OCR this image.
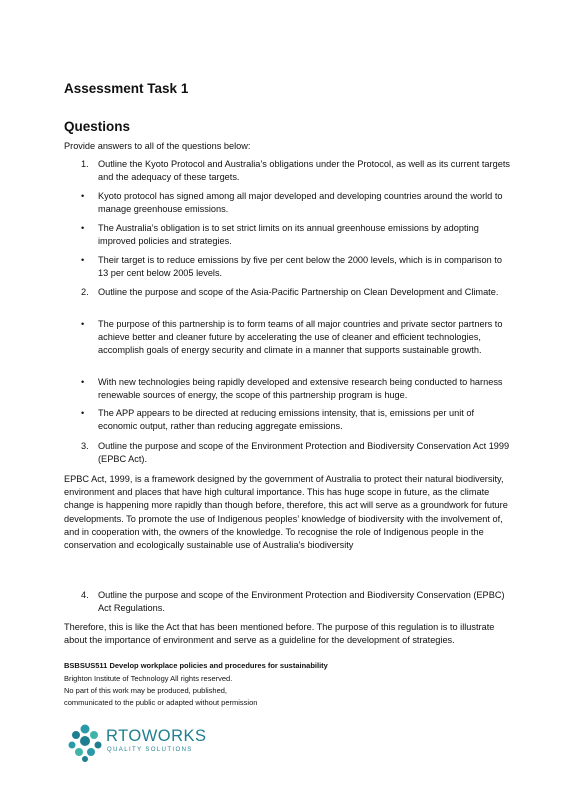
Assessment Task 1
Questions

Provide answers to all of the questions below:

1. Outline the Kyoto Protocol and Australia’s obligations under the Protocol, as well as its current targets and the adequacy of these targets.

• Kyoto protocol has signed among all major developed and developing countries around the world to manage greenhouse emissions.

• The Australia’s obligation is to set strict limits on its annual greenhouse emissions by adopting improved policies and strategies.

• Their target is to reduce emissions by five per cent below the 2000 levels, which is in comparison to 13 per cent below 2005 levels.

2. Outline the purpose and scope of the Asia-Pacific Partnership on Clean Development and Climate.

• The purpose of this partnership is to form teams of all major countries and private sector partners to achieve better and cleaner future by accelerating the use of cleaner and efficient technologies, accomplish goals of energy security and climate in a manner that supports sustainable growth.

• With new technologies being rapidly developed and extensive research being conducted to harness renewable sources of energy, the scope of this partnership program is huge.

• The APP appears to be directed at reducing emissions intensity, that is, emissions per unit of economic output, rather than reducing aggregate emissions.

3. Outline the purpose and scope of the Environment Protection and Biodiversity Conservation Act 1999 (EPBC Act).

EPBC Act, 1999, is a framework designed by the government of Australia to protect their natural biodiversity, environment and places that have high cultural importance. This has huge scope in future, as the climate change is happening more rapidly than though before, therefore, this act will serve as a groundwork for future developments. To promote the use of Indigenous peoples’ knowledge of biodiversity with the involvement of, and in cooperation with, the owners of the knowledge. To recognise the role of Indigenous people in the conservation and ecologically sustainable use of Australia’s biodiversity

4. Outline the purpose and scope of the Environment Protection and Biodiversity Conservation (EPBC) Act Regulations.

Therefore, this is like the Act that has been mentioned before. The purpose of this regulation is to illustrate about the importance of environment and serve as a guideline for the development of strategies.

BSBSUS511 Develop workplace policies and procedures for sustainability

Brighton Institute of Technology All rights reserved.

No part of this work may be produced, published,

communicated to the public or adapted without permission

RTOWORKS
QUALITY SOLUTIONS
